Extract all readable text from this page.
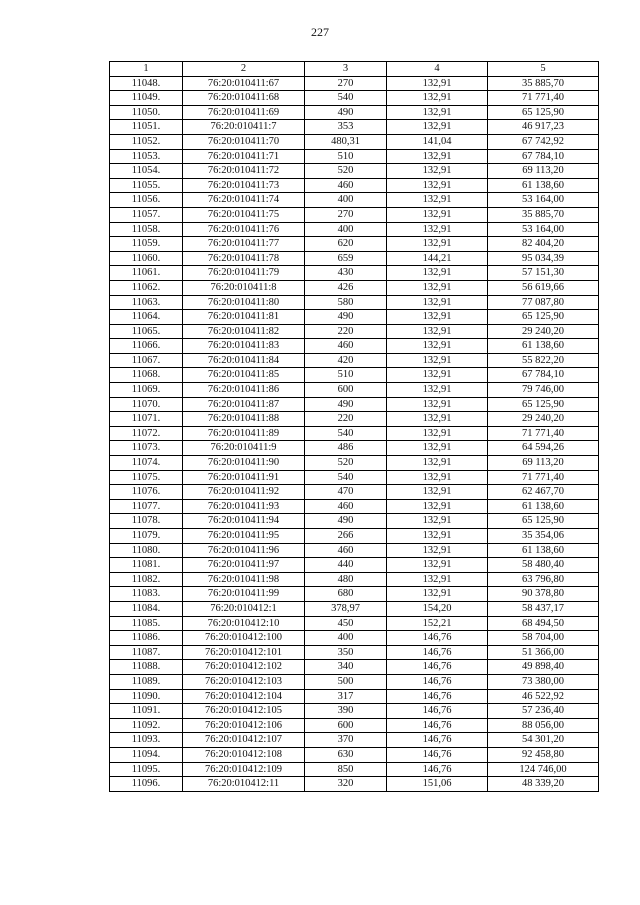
227
1	2	3	4	5
11048.	76:20:010411:67	270	132,91	35 885,70
11049.	76:20:010411:68	540	132,91	71 771,40
11050.	76:20:010411:69	490	132,91	65 125,90
11051.	76:20:010411:7	353	132,91	46 917,23
11052.	76:20:010411:70	480,31	141,04	67 742,92
11053.	76:20:010411:71	510	132,91	67 784,10
11054.	76:20:010411:72	520	132,91	69 113,20
11055.	76:20:010411:73	460	132,91	61 138,60
11056.	76:20:010411:74	400	132,91	53 164,00
11057.	76:20:010411:75	270	132,91	35 885,70
11058.	76:20:010411:76	400	132,91	53 164,00
11059.	76:20:010411:77	620	132,91	82 404,20
11060.	76:20:010411:78	659	144,21	95 034,39
11061.	76:20:010411:79	430	132,91	57 151,30
11062.	76:20:010411:8	426	132,91	56 619,66
11063.	76:20:010411:80	580	132,91	77 087,80
11064.	76:20:010411:81	490	132,91	65 125,90
11065.	76:20:010411:82	220	132,91	29 240,20
11066.	76:20:010411:83	460	132,91	61 138,60
11067.	76:20:010411:84	420	132,91	55 822,20
11068.	76:20:010411:85	510	132,91	67 784,10
11069.	76:20:010411:86	600	132,91	79 746,00
11070.	76:20:010411:87	490	132,91	65 125,90
11071.	76:20:010411:88	220	132,91	29 240,20
11072.	76:20:010411:89	540	132,91	71 771,40
11073.	76:20:010411:9	486	132,91	64 594,26
11074.	76:20:010411:90	520	132,91	69 113,20
11075.	76:20:010411:91	540	132,91	71 771,40
11076.	76:20:010411:92	470	132,91	62 467,70
11077.	76:20:010411:93	460	132,91	61 138,60
11078.	76:20:010411:94	490	132,91	65 125,90
11079.	76:20:010411:95	266	132,91	35 354,06
11080.	76:20:010411:96	460	132,91	61 138,60
11081.	76:20:010411:97	440	132,91	58 480,40
11082.	76:20:010411:98	480	132,91	63 796,80
11083.	76:20:010411:99	680	132,91	90 378,80
11084.	76:20:010412:1	378,97	154,20	58 437,17
11085.	76:20:010412:10	450	152,21	68 494,50
11086.	76:20:010412:100	400	146,76	58 704,00
11087.	76:20:010412:101	350	146,76	51 366,00
11088.	76:20:010412:102	340	146,76	49 898,40
11089.	76:20:010412:103	500	146,76	73 380,00
11090.	76:20:010412:104	317	146,76	46 522,92
11091.	76:20:010412:105	390	146,76	57 236,40
11092.	76:20:010412:106	600	146,76	88 056,00
11093.	76:20:010412:107	370	146,76	54 301,20
11094.	76:20:010412:108	630	146,76	92 458,80
11095.	76:20:010412:109	850	146,76	124 746,00
11096.	76:20:010412:11	320	151,06	48 339,20
